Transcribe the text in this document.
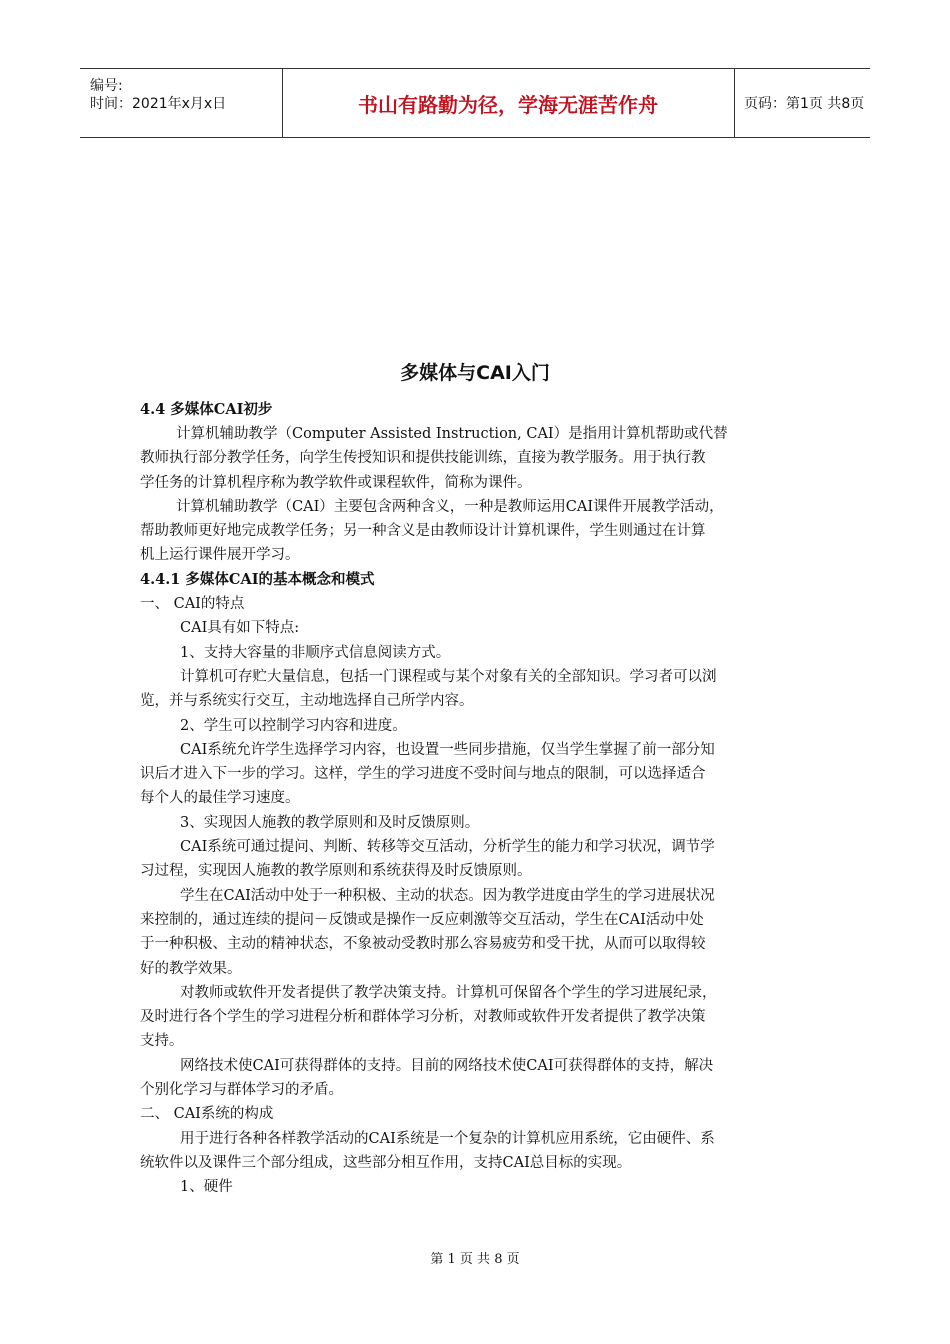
编号:
时间：2021年x月x日	书山有路勤为径，学海无涯苦作舟	页码：第1页 共8页
多媒体与CAI入门
4.4 多媒体CAI初步
计算机辅助教学（Computer Assisted Instruction, CAI）是指用计算机帮助或代替
教师执行部分教学任务，向学生传授知识和提供技能训练，直接为教学服务。用于执行教
学任务的计算机程序称为教学软件或课程软件，简称为课件。
计算机辅助教学（CAI）主要包含两种含义，一种是教师运用CAI课件开展教学活动，
帮助教师更好地完成教学任务；另一种含义是由教师设计计算机课件，学生则通过在计算
机上运行课件展开学习。
4.4.1 多媒体CAI的基本概念和模式
一、 CAI的特点
CAI具有如下特点:
1、支持大容量的非顺序式信息阅读方式。
计算机可存贮大量信息，包括一门课程或与某个对象有关的全部知识。学习者可以浏
览，并与系统实行交互，主动地选择自己所学内容。
2、学生可以控制学习内容和进度。
CAI系统允许学生选择学习内容，也设置一些同步措施，仅当学生掌握了前一部分知
识后才进入下一步的学习。这样，学生的学习进度不受时间与地点的限制，可以选择适合
每个人的最佳学习速度。
3、实现因人施教的教学原则和及时反馈原则。
CAI系统可通过提问、判断、转移等交互活动，分析学生的能力和学习状况，调节学
习过程，实现因人施教的教学原则和系统获得及时反馈原则。
学生在CAI活动中处于一种积极、主动的状态。因为教学进度由学生的学习进展状况
来控制的，通过连续的提问－反馈或是操作一反应刺激等交互活动，学生在CAI活动中处
于一种积极、主动的精神状态，不象被动受教时那么容易疲劳和受干扰，从而可以取得较
好的教学效果。
对教师或软件开发者提供了教学决策支持。计算机可保留各个学生的学习进展纪录，
及时进行各个学生的学习进程分析和群体学习分析，对教师或软件开发者提供了教学决策
支持。
网络技术使CAI可获得群体的支持。目前的网络技术使CAI可获得群体的支持，解决
个别化学习与群体学习的矛盾。
二、 CAI系统的构成
用于进行各种各样教学活动的CAI系统是一个复杂的计算机应用系统，它由硬件、系
统软件以及课件三个部分组成，这些部分相互作用，支持CAI总目标的实现。
1、硬件
第 1 页 共 8 页
